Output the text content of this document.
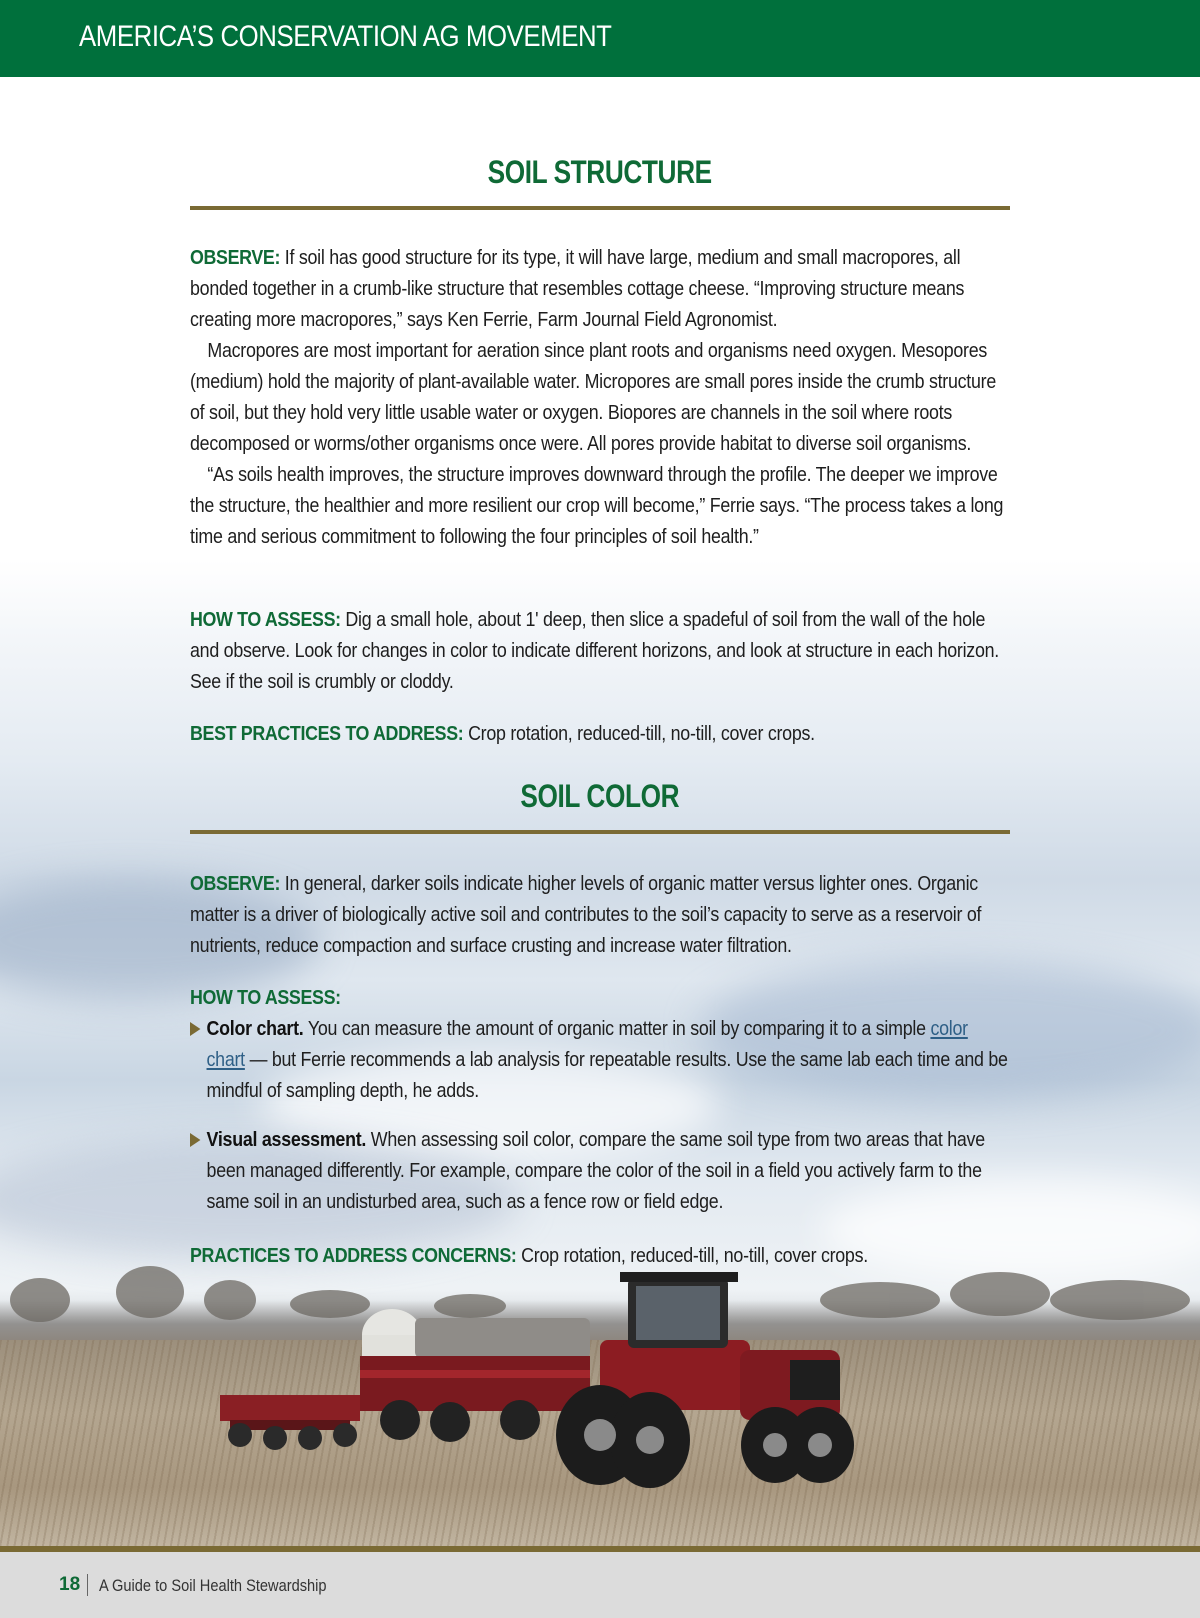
AMERICA’S CONSERVATION AG MOVEMENT
SOIL STRUCTURE

OBSERVE: If soil has good structure for its type, it will have large, medium and small macropores, all bonded together in a crumb-like structure that resembles cottage cheese. “Improving structure means creating more macropores,” says Ken Ferrie, Farm Journal Field Agronomist.

Macropores are most important for aeration since plant roots and organisms need oxygen. Mesopores (medium) hold the majority of plant-available water. Micropores are small pores inside the crumb structure of soil, but they hold very little usable water or oxygen. Biopores are channels in the soil where roots decomposed or worms/other organisms once were. All pores provide habitat to diverse soil organisms.

“As soils health improves, the structure improves downward through the profile. The deeper we improve the structure, the healthier and more resilient our crop will become,” Ferrie says. “The process takes a long time and serious commitment to following the four principles of soil health.”

HOW TO ASSESS: Dig a small hole, about 1' deep, then slice a spadeful of soil from the wall of the hole and observe. Look for changes in color to indicate different horizons, and look at structure in each horizon. See if the soil is crumbly or cloddy.

BEST PRACTICES TO ADDRESS: Crop rotation, reduced-till, no-till, cover crops.

SOIL COLOR

OBSERVE: In general, darker soils indicate higher levels of organic matter versus lighter ones. Organic matter is a driver of biologically active soil and contributes to the soil’s capacity to serve as a reservoir of nutrients, reduce compaction and surface crusting and increase water filtration.

HOW TO ASSESS:

Color chart. You can measure the amount of organic matter in soil by comparing it to a simple color chart — but Ferrie recommends a lab analysis for repeatable results. Use the same lab each time and be mindful of sampling depth, he adds.
Visual assessment. When assessing soil color, compare the same soil type from two areas that have been managed differently. For example, compare the color of the soil in a field you actively farm to the same soil in an undisturbed area, such as a fence row or field edge.

PRACTICES TO ADDRESS CONCERNS: Crop rotation, reduced-till, no-till, cover crops.

18 A Guide to Soil Health Stewardship
